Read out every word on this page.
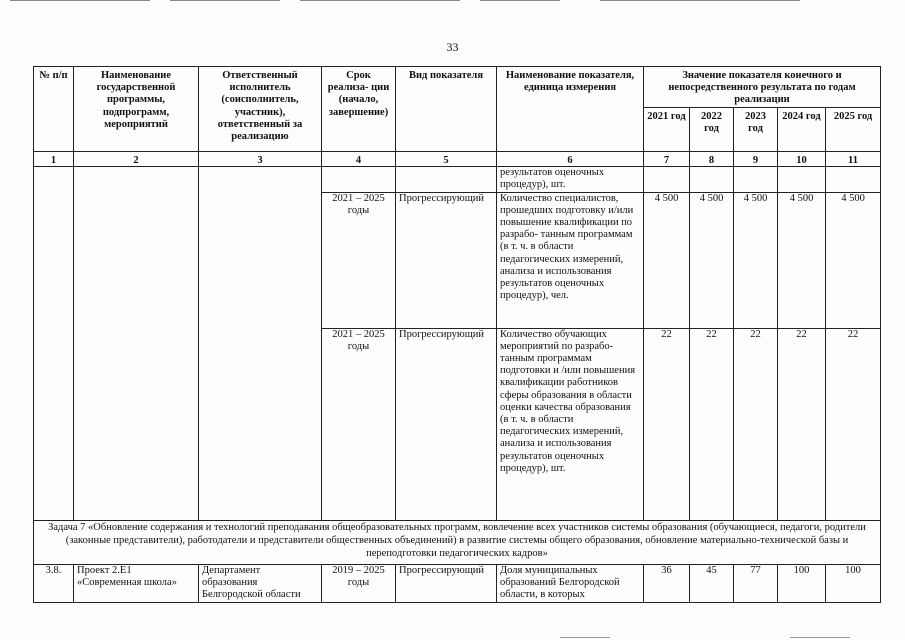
33
№ п/п	Наименование государственной программы, подпрограмм, мероприятий	Ответственный исполнитель (соисполнитель, участник), ответственный за реализацию	Срок реализа- ции (начало, завершение)	Вид показателя	Наименование показателя, единица измерения	Значение показателя конечного и непосредственного результата по годам реализации				
						2021 год	2022 год	2023 год	2024 год	2025 год
1	2	3	4	5	6	7	8	9	10	11
					результатов оценочных процедур), шт.					
			2021 – 2025 годы	Прогрессирующий	Количество специалистов, прошедших подготовку и/или повышение квалификации по разрабо- танным программам (в т. ч. в области педагогических измерений, анализа и использования результатов оценочных процедур), чел.	4 500	4 500	4 500	4 500	4 500
			2021 – 2025 годы	Прогрессирующий	Количество обучающих мероприятий по разрабо- танным программам подготовки и /или повышения квалификации работников сферы образования в области оценки качества образования (в т. ч. в области педагогических измерений, анализа и использования результатов оценочных процедур), шт.	22	22	22	22	22
Задача 7 «Обновление содержания и технологий преподавания общеобразовательных программ, вовлечение всех участников системы образования (обучающиеся, педагоги, родители (законные представители), работодатели и представители общественных объединений) в развитие системы общего образования, обновление материально-технической базы и переподготовки педагогических кадров»										
3.8.	Проект 2.Е1 «Современная школа»	Департамент образования Белгородской области	2019 – 2025 годы	Прогрессирующий	Доля муниципальных образований Белгородской области, в которых	36	45	77	100	100
